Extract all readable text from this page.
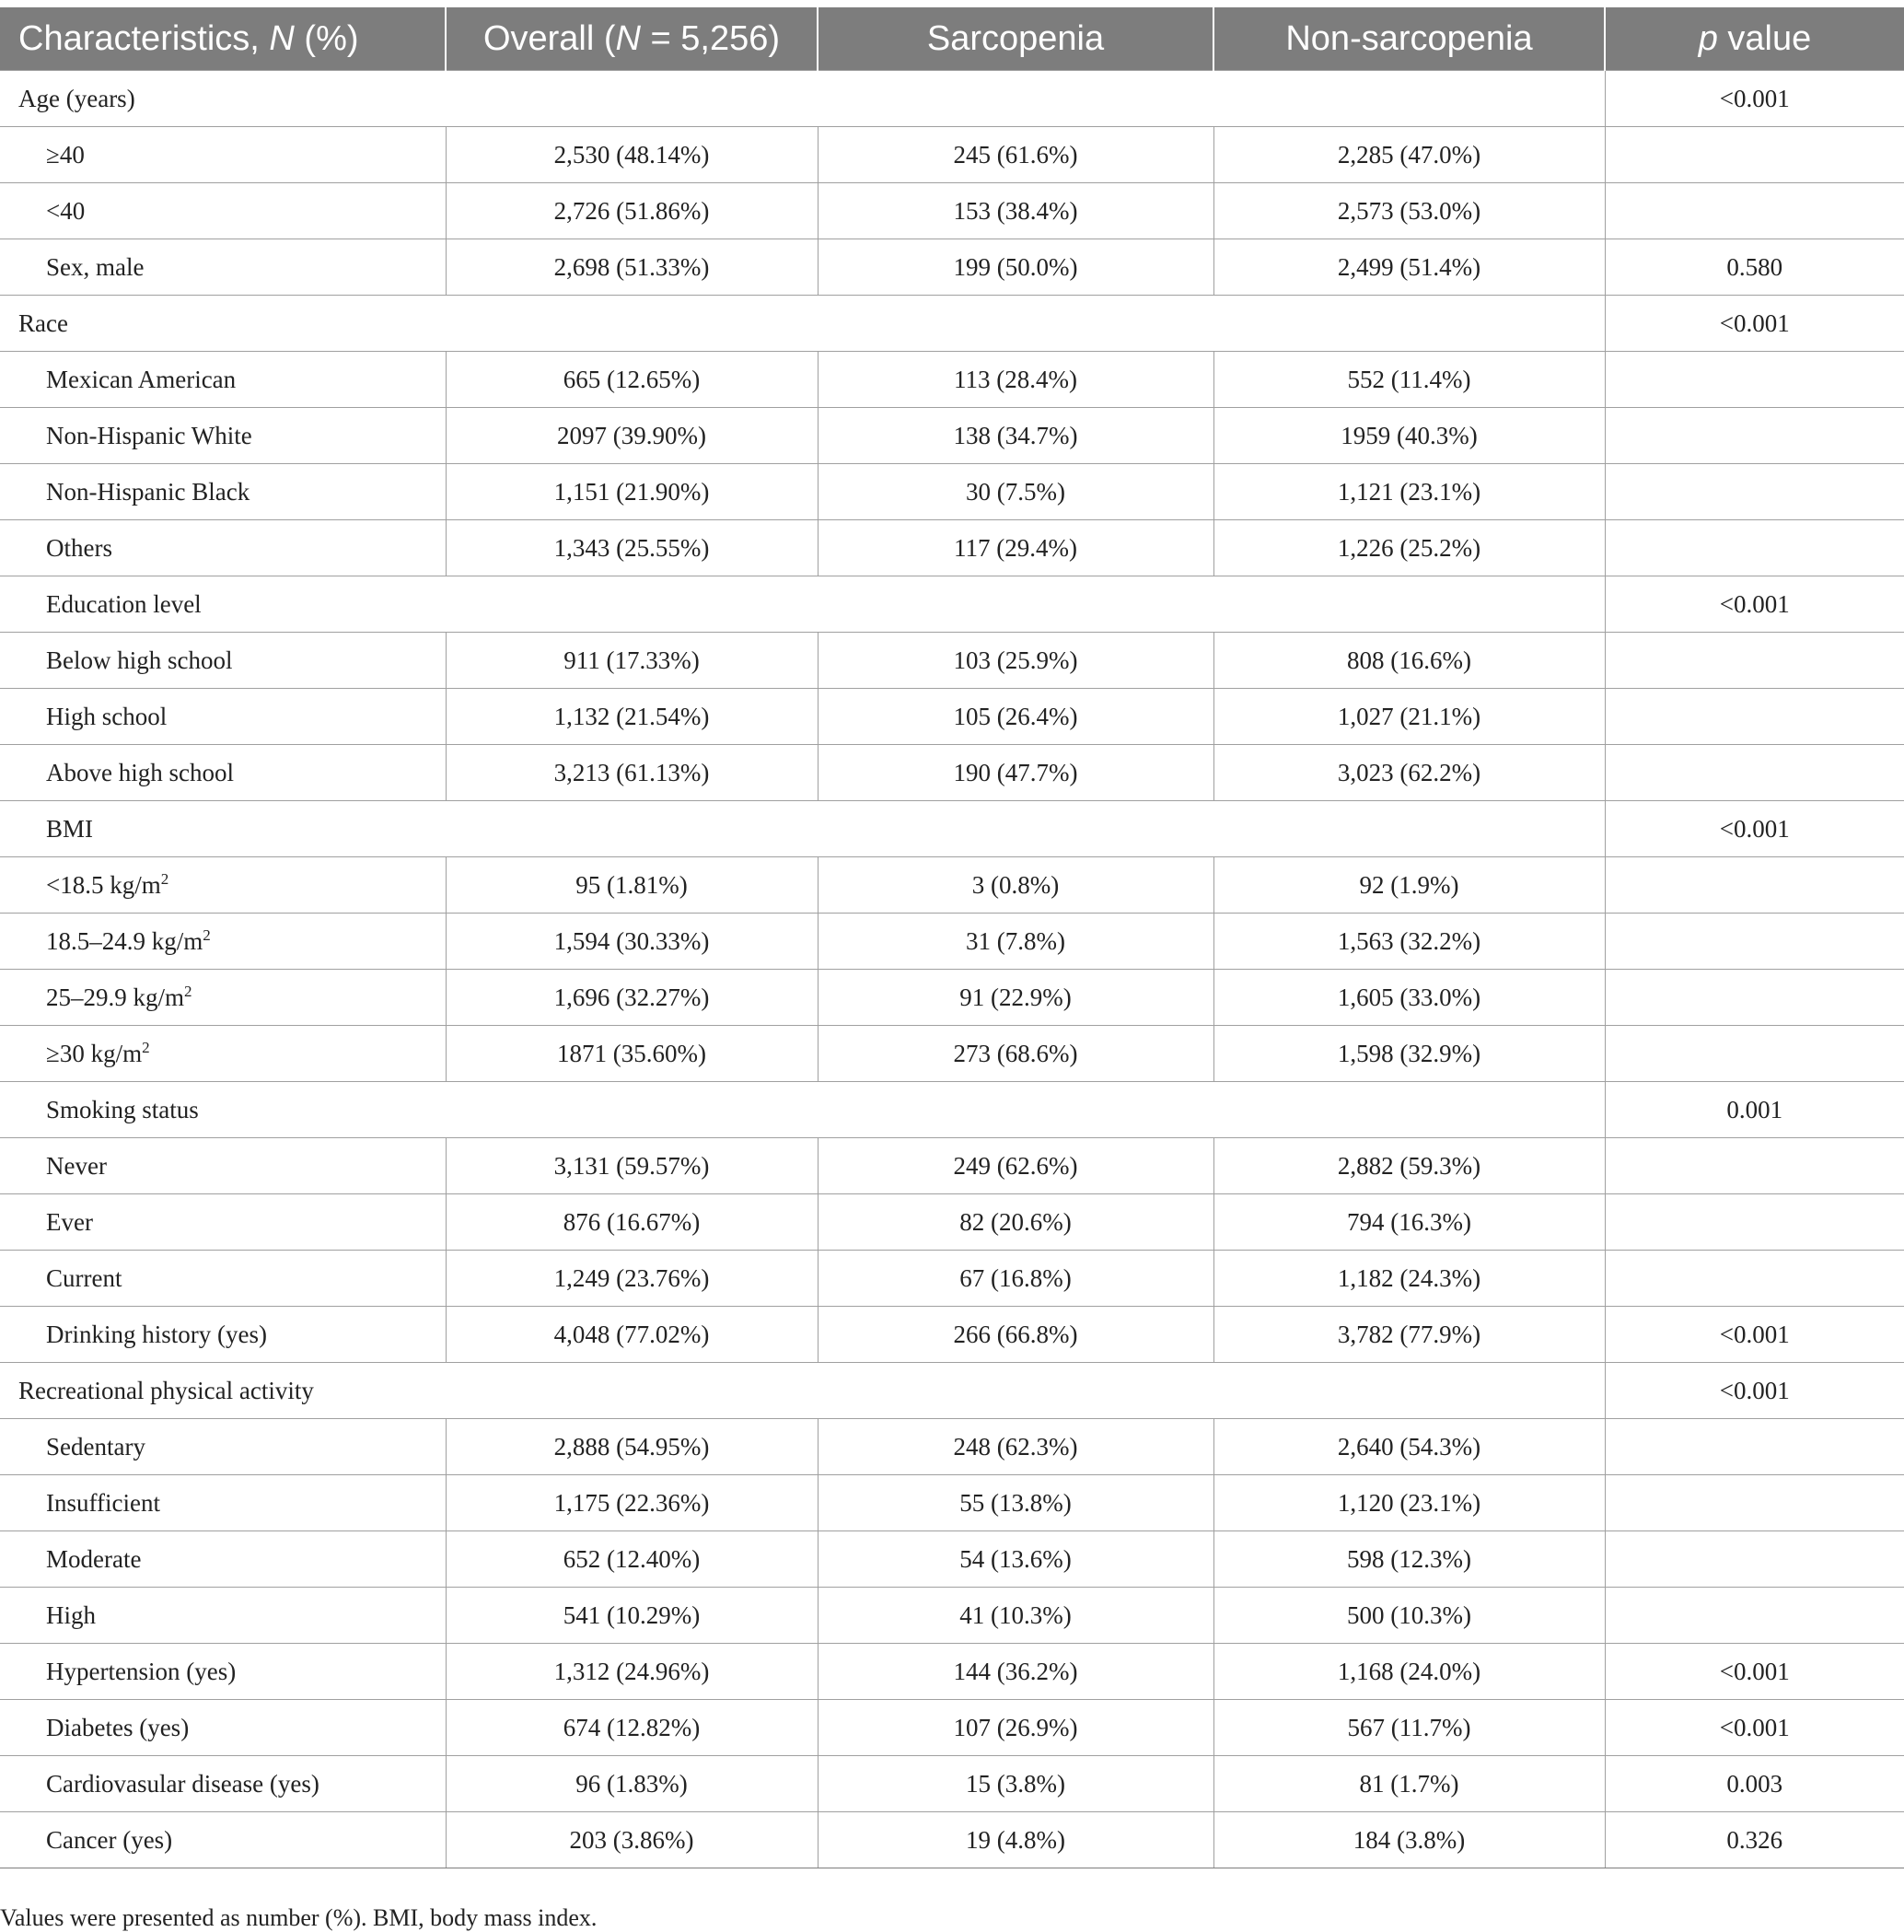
Characteristics, N (%)	Overall (N = 5,256)	Sarcopenia	Non-sarcopenia	p value
Age (years)				<0.001
≥40	2,530 (48.14%)	245 (61.6%)	2,285 (47.0%)	
<40	2,726 (51.86%)	153 (38.4%)	2,573 (53.0%)	
Sex, male	2,698 (51.33%)	199 (50.0%)	2,499 (51.4%)	0.580
Race				<0.001
Mexican American	665 (12.65%)	113 (28.4%)	552 (11.4%)	
Non-Hispanic White	2097 (39.90%)	138 (34.7%)	1959 (40.3%)	
Non-Hispanic Black	1,151 (21.90%)	30 (7.5%)	1,121 (23.1%)	
Others	1,343 (25.55%)	117 (29.4%)	1,226 (25.2%)	
Education level				<0.001
Below high school	911 (17.33%)	103 (25.9%)	808 (16.6%)	
High school	1,132 (21.54%)	105 (26.4%)	1,027 (21.1%)	
Above high school	3,213 (61.13%)	190 (47.7%)	3,023 (62.2%)	
BMI				<0.001
<18.5 $kg/m^2$	95 (1.81%)	3 (0.8%)	92 (1.9%)	
18.5–24.9 $kg/m^2$	1,594 (30.33%)	31 (7.8%)	1,563 (32.2%)	
25–29.9 $kg/m^2$	1,696 (32.27%)	91 (22.9%)	1,605 (33.0%)	
≥30 $kg/m^2$	1871 (35.60%)	273 (68.6%)	1,598 (32.9%)	
Smoking status				0.001
Never	3,131 (59.57%)	249 (62.6%)	2,882 (59.3%)	
Ever	876 (16.67%)	82 (20.6%)	794 (16.3%)	
Current	1,249 (23.76%)	67 (16.8%)	1,182 (24.3%)	
Drinking history (yes)	4,048 (77.02%)	266 (66.8%)	3,782 (77.9%)	<0.001
Recreational physical activity				<0.001
Sedentary	2,888 (54.95%)	248 (62.3%)	2,640 (54.3%)	
Insufficient	1,175 (22.36%)	55 (13.8%)	1,120 (23.1%)	
Moderate	652 (12.40%)	54 (13.6%)	598 (12.3%)	
High	541 (10.29%)	41 (10.3%)	500 (10.3%)	
Hypertension (yes)	1,312 (24.96%)	144 (36.2%)	1,168 (24.0%)	<0.001
Diabetes (yes)	674 (12.82%)	107 (26.9%)	567 (11.7%)	<0.001
Cardiovasular disease (yes)	96 (1.83%)	15 (3.8%)	81 (1.7%)	0.003
Cancer (yes)	203 (3.86%)	19 (4.8%)	184 (3.8%)	0.326
Values were presented as number (%). BMI, body mass index.
